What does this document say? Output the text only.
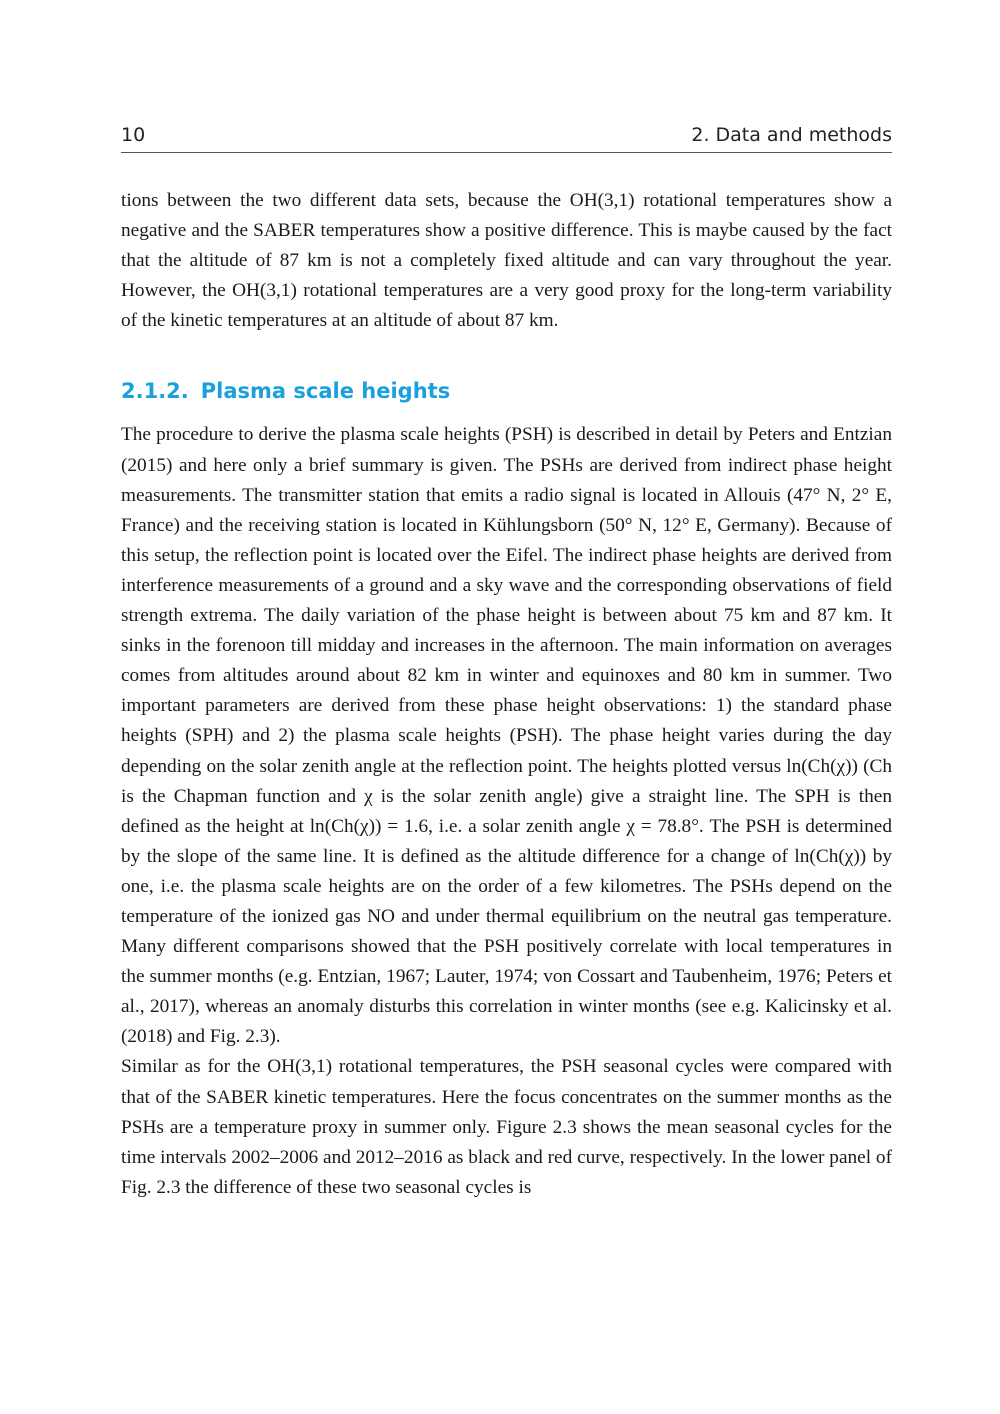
10	2. Data and methods

tions between the two different data sets, because the OH(3,1) rotational temperatures show a negative and the SABER temperatures show a positive difference. This is maybe caused by the fact that the altitude of 87 km is not a completely fixed altitude and can vary throughout the year. However, the OH(3,1) rotational temperatures are a very good proxy for the long-term variability of the kinetic temperatures at an altitude of about 87 km.

2.1.2. Plasma scale heights

The procedure to derive the plasma scale heights (PSH) is described in detail by Peters and Entzian (2015) and here only a brief summary is given. The PSHs are derived from indirect phase height measurements. The transmitter station that emits a radio signal is located in Allouis (47° N, 2° E, France) and the receiving station is located in Kühlungsborn (50° N, 12° E, Germany). Because of this setup, the reflection point is located over the Eifel. The indirect phase heights are derived from interference measurements of a ground and a sky wave and the corresponding observations of field strength extrema. The daily variation of the phase height is between about 75 km and 87 km. It sinks in the forenoon till midday and increases in the afternoon. The main information on averages comes from altitudes around about 82 km in winter and equinoxes and 80 km in summer. Two important parameters are derived from these phase height observations: 1) the standard phase heights (SPH) and 2) the plasma scale heights (PSH). The phase height varies during the day depending on the solar zenith angle at the reflection point. The heights plotted versus ln(Ch(χ)) (Ch is the Chapman function and χ is the solar zenith angle) give a straight line. The SPH is then defined as the height at ln(Ch(χ)) = 1.6, i.e. a solar zenith angle χ = 78.8°. The PSH is determined by the slope of the same line. It is defined as the altitude difference for a change of ln(Ch(χ)) by one, i.e. the plasma scale heights are on the order of a few kilometres. The PSHs depend on the temperature of the ionized gas NO and under thermal equilibrium on the neutral gas temperature. Many different comparisons showed that the PSH positively correlate with local temperatures in the summer months (e.g. Entzian, 1967; Lauter, 1974; von Cossart and Taubenheim, 1976; Peters et al., 2017), whereas an anomaly disturbs this correlation in winter months (see e.g. Kalicinsky et al. (2018) and Fig. 2.3).

Similar as for the OH(3,1) rotational temperatures, the PSH seasonal cycles were compared with that of the SABER kinetic temperatures. Here the focus concentrates on the summer months as the PSHs are a temperature proxy in summer only. Figure 2.3 shows the mean seasonal cycles for the time intervals 2002–2006 and 2012–2016 as black and red curve, respectively. In the lower panel of Fig. 2.3 the difference of these two seasonal cycles is
